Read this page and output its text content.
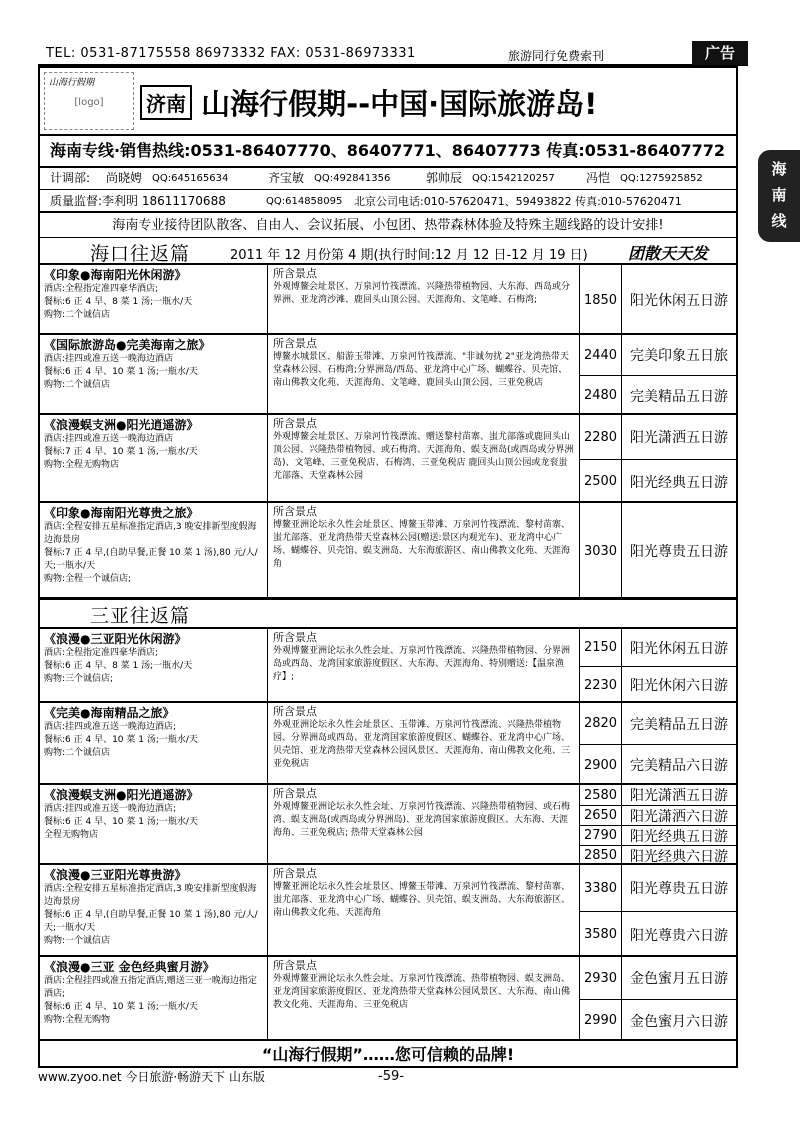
TEL: 0531-87175558 86973332 FAX: 0531-86973331	旅游同行免费索刊	广告
海
南
线
山海行假期
[logo]	济南 山海行假期--中国·国际旅游岛!
海南专线·销售热线:0531-86407770、86407771、86407773 传真:0531-86407772
计调部: 尚晓娉 QQ:645165634	齐宝敏 QQ:492841356	郭帅辰 QQ:1542120257	冯恺 QQ:1275925852
质量监督:李利明 18611170688	QQ:614858095 北京公司电话:010-57620471、59493822 传真:010-57620471
海南专业接待团队散客、自由人、会议拓展、小包团、热带森林体验及特殊主题线路的设计安排!
海口往返篇	2011 年 12 月份第 4 期(执行时间:12 月 12 日-12 月 19 日)	团散天天发
《印象●海南阳光休闲游》
酒店:全程指定准四豪华酒店;
餐标:6 正 4 早、8 菜 1 汤;一瓶水/天
购物:二个诚信店
所含景点
外观博鳌会址景区、万泉河竹筏漂流、兴隆热带植物园、大东海、西岛或分界洲、亚龙湾沙滩、鹿回头山顶公园、天涯海角、文笔峰、石梅湾;	1850 阳光休闲五日游
《国际旅游岛●完美海南之旅》
酒店:挂四或准五送一晚海边酒店
餐标:6 正 4 早、10 菜 1 汤;一瓶水/天
购物:二个诚信店
所含景点
博鳌水城景区、船游玉带滩、万泉河竹筏漂流、"非诚勿扰 2"亚龙湾热带天堂森林公园、石梅湾;分界洲岛/西岛、亚龙湾中心广场、蝴蝶谷、贝壳馆、南山佛教文化苑、天涯海角、文笔峰、鹿回头山顶公园、三亚免税店
2440 完美印象五日旅
2480 完美精品五日游
《浪漫蜈支洲●阳光逍遥游》
酒店:挂四或准五送一晚海边酒店
餐标:7 正 4 早、10 菜 1 汤,一瓶水/天
购物:全程无购物店
所含景点
外观博鳌会址景区、万泉河竹筏漂流、赠送黎村苗寨、蚩尤部落或鹿回头山顶公园、兴隆热带植物园、或石梅湾、天涯海角、蜈支洲岛(或西岛或分界洲岛)、文笔峰、三亚免税店、石梅湾、三亚免税店 鹿回头山顶公园或龙衮蚩尤部落、天堂森林公园
2280 阳光潇洒五日游
2500 阳光经典五日游
《印象●海南阳光尊贵之旅》
酒店:全程安排五星标准指定酒店,3 晚安排新型度假海边海景房
餐标:7 正 4 早,(自助早餐,正餐 10 菜 1 汤),80 元/人/天;一瓶水/天
购物:全程一个诚信店;
所含景点
博鳌亚洲论坛永久性会址景区、博鳌玉带滩、万泉河竹筏漂流、黎村苗寨、蚩尤部落、亚龙湾热带天堂森林公园(赠送:景区内观光车)、亚龙湾中心广场、蝴蝶谷、贝壳馆、蜈支洲岛、大东海旅游区、南山佛教文化苑、天涯海角
3030 阳光尊贵五日游
三亚往返篇
《浪漫●三亚阳光休闲游》
酒店:全程指定准四豪华酒店;
餐标:6 正 4 早、8 菜 1 汤;一瓶水/天
购物:三个诚信店;
所含景点
外观博鳌亚洲论坛永久性会址、万泉河竹筏漂流、兴隆热带植物园、分界洲岛或西岛、龙湾国家旅游度假区、大东海、天涯海角、特别赠送:【温泉渔疗】;
2150 阳光休闲五日游
2230 阳光休闲六日游
《完美●海南精品之旅》
酒店:挂四或准五送一晚海边酒店;
餐标:6 正 4 早、10 菜 1 汤;一瓶水/天
购物:二个诚信店
所含景点
外观亚洲论坛永久性会址景区、玉带滩、万泉河竹筏漂流、兴隆热带植物园、分界洲岛或西岛、亚龙湾国家旅游度假区、蝴蝶谷、亚龙湾中心广场、贝壳馆、亚龙湾热带天堂森林公园风景区、天涯海角、南山佛教文化苑、三亚免税店
2820 完美精品五日游
2900 完美精品六日游
《浪漫蜈支洲●阳光逍遥游》
酒店:挂四或准五送一晚海边酒店;
餐标:6 正 4 早、10 菜 1 汤;一瓶水/天
全程无购物店
所含景点
外观博鳌亚洲论坛永久性会址、万泉河竹筏漂流、兴隆热带植物园、或石梅湾、蜈支洲岛(或西岛或分界洲岛)、亚龙湾国家旅游度假区、大东海、天涯海角、三亚免税店; 热带天堂森林公园
2580 阳光潇洒五日游
2650 阳光潇洒六日游
2790 阳光经典五日游
2850 阳光经典六日游
《浪漫●三亚阳光尊贵游》
酒店:全程安排五星标准指定酒店,3 晚安排新型度假海边海景房
餐标:6 正 4 早,(自助早餐,正餐 10 菜 1 汤),80 元/人/天;一瓶水/天
购物:一个诚信店
所含景点
博鳌亚洲论坛永久性会址景区、博鳌玉带滩、万泉河竹筏漂流、黎村苗寨、蚩尤部落、亚龙湾中心广场、蝴蝶谷、贝壳馆、蜈支洲岛、大东海旅游区、南山佛教文化苑、天涯海角
3380 阳光尊贵五日游
3580 阳光尊贵六日游
《浪漫●三亚 金色经典蜜月游》
酒店:全程挂四或准五指定酒店,赠送三亚一晚海边指定酒店;
餐标:6 正 4 早、10 菜 1 汤;一瓶水/天
购物:全程无购物
所含景点
外观博鳌亚洲论坛永久性会址、万泉河竹筏漂流、热带植物园、蜈支洲岛、亚龙湾国家旅游度假区、亚龙湾热带天堂森林公园风景区、大东海、南山佛教文化苑、天涯海角、三亚免税店
2930 金色蜜月五日游
2990 金色蜜月六日游
“山海行假期”……您可信赖的品牌!
www.zyoo.net 今日旅游·畅游天下 山东版	-59-
